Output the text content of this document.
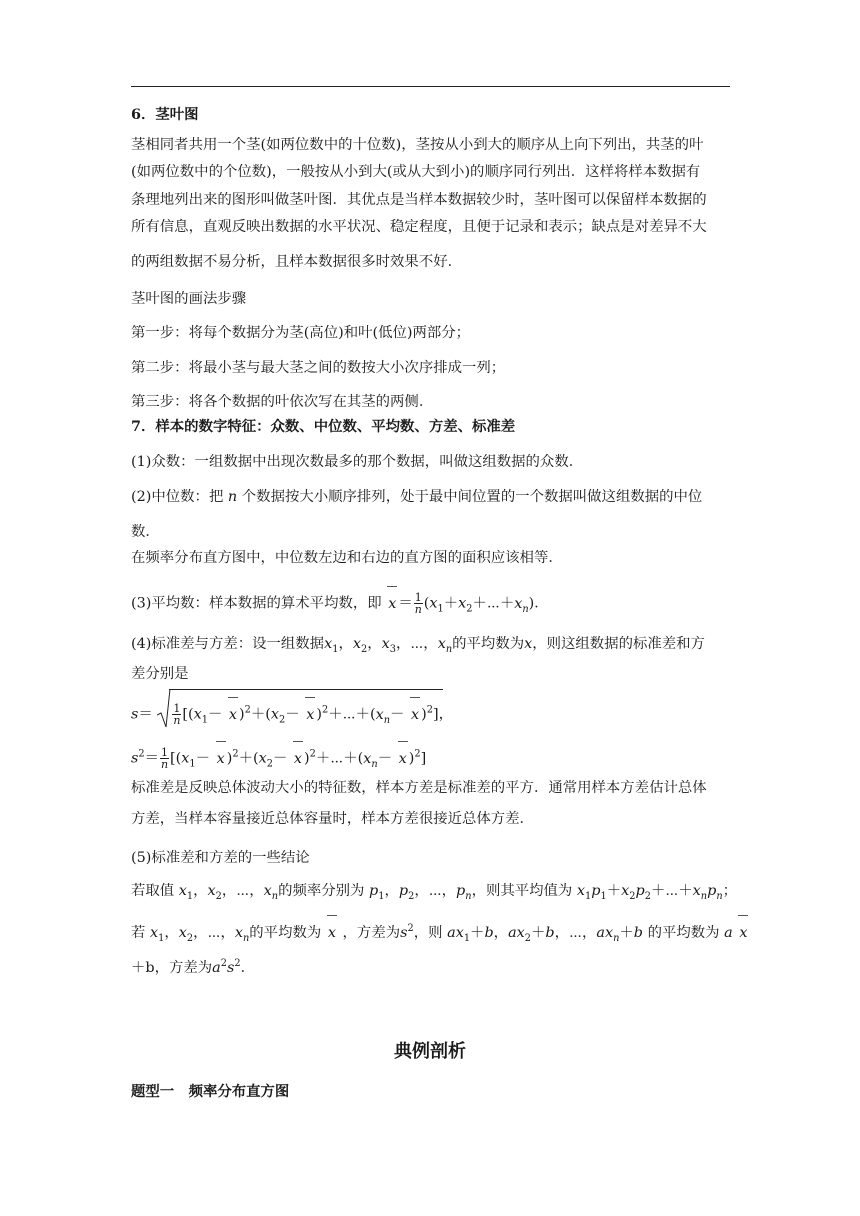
6．茎叶图
茎相同者共用一个茎(如两位数中的十位数)，茎按从小到大的顺序从上向下列出，共茎的叶
(如两位数中的个位数)，一般按从小到大(或从大到小)的顺序同行列出．这样将样本数据有
条理地列出来的图形叫做茎叶图．其优点是当样本数据较少时，茎叶图可以保留样本数据的
所有信息，直观反映出数据的水平状况、稳定程度，且便于记录和表示；缺点是对差异不大
的两组数据不易分析，且样本数据很多时效果不好．
茎叶图的画法步骤
第一步：将每个数据分为茎(高位)和叶(低位)两部分；
第二步：将最小茎与最大茎之间的数按大小次序排成一列；
第三步：将各个数据的叶依次写在其茎的两侧．
7．样本的数字特征：众数、中位数、平均数、方差、标准差
(1)众数：一组数据中出现次数最多的那个数据，叫做这组数据的众数．
(2)中位数：把 n 个数据按大小顺序排列，处于最中间位置的一个数据叫做这组数据的中位
数．
在频率分布直方图中，中位数左边和右边的直方图的面积应该相等．
(3)平均数：样本数据的算术平均数，即 $x = \frac{1}{n}$ $(x_1+x_2+\cdots+x_n)$．
(4)标准差与方差：设一组数据$x_1$，$x_2$，$x_3$，⋯，$x_n$的平均数为x，则这组数据的标准差和方
差分别是
$s= \frac{1}{n} [(x_1- x$ )$^2+(x_2- x$ )$^2+\cdots+(x_n- x$ )$^2$]，
$s^2= \frac{1}{n} [(x_1- x$ )$^2+(x_2- x$ )$^2+\cdots+(x_n- x$ )$^2$]
标准差是反映总体波动大小的特征数，样本方差是标准差的平方．通常用样本方差估计总体
方差，当样本容量接近总体容量时，样本方差很接近总体方差．
(5)标准差和方差的一些结论
若取值 $x_1$，$x_2$，⋯，$x_n$的频率分别为 $p_1$，$p_2$，⋯，$p_n$，则其平均值为 $x_1p_1+x_2p_2+\cdots+x_np_n$；
若 $x_1$，$x_2$，⋯，$x_n$的平均数为 x ，方差为$s^2$，则 $ax_1+b$，$ax_2+b$，⋯，$ax_n+b$ 的平均数为 a x
＋b，方差为$a^2s^2$．
典例剖析
题型一　频率分布直方图
